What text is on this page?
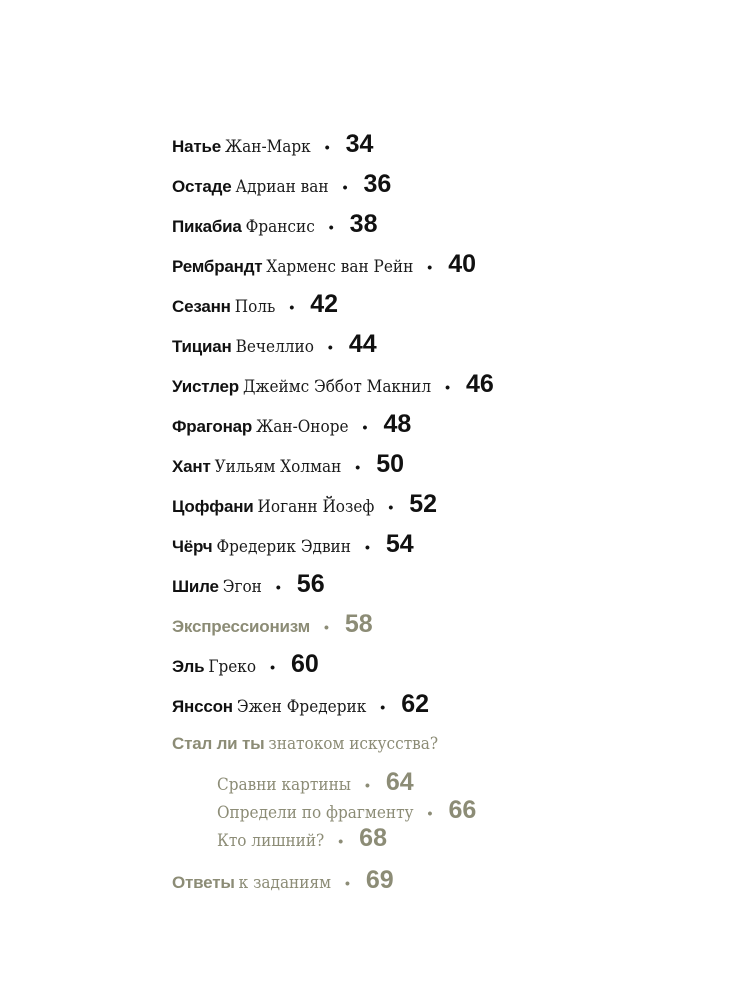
Натье Жан-Марк • 34
Остаде Адриан ван • 36
Пикабиа Франсис • 38
Рембрандт Харменс ван Рейн • 40
Сезанн Поль • 42
Тициан Вечеллио • 44
Уистлер Джеймс Эббот Макнил • 46
Фрагонар Жан-Оноре • 48
Хант Уильям Холман • 50
Цоффани Иоганн Йозеф • 52
Чёрч Фредерик Эдвин • 54
Шиле Эгон • 56
Экспрессионизм • 58
Эль Греко • 60
Янссон Эжен Фредерик • 62
Стал ли ты знатоком искусства?
Сравни картины • 64
Определи по фрагменту • 66
Кто лишний? • 68
Ответы к заданиям • 69
